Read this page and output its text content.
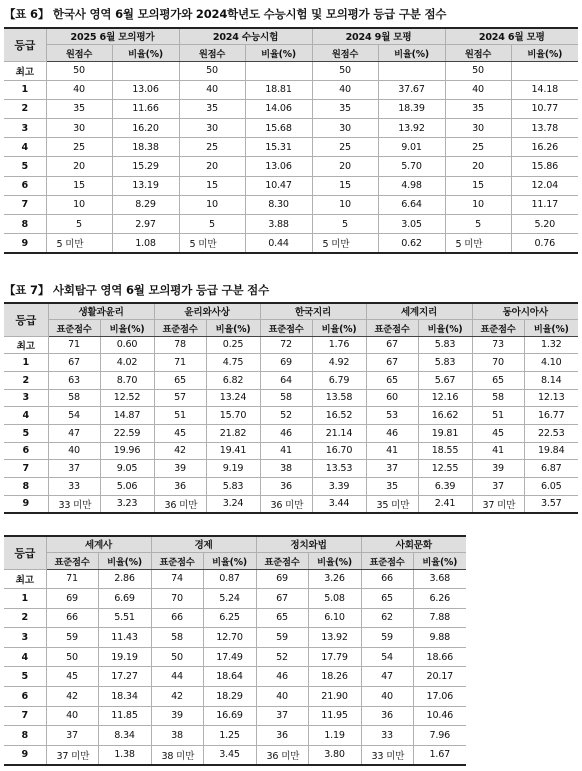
【표 6】 한국사 영역 6월 모의평가와 2024학년도 수능시험 및 모의평가 등급 구분 점수
등급	2025 6월 모의평가		2024 수능시험		2024 9월 모평		2024 6월 모평	
	원점수	비율(%)	원점수	비율(%)	원점수	비율(%)	원점수	비율(%)
최고	50		50		50		50	
1	40	13.06	40	18.81	40	37.67	40	14.18
2	35	11.66	35	14.06	35	18.39	35	10.77
3	30	16.20	30	15.68	30	13.92	30	13.78
4	25	18.38	25	15.31	25	9.01	25	16.26
5	20	15.29	20	13.06	20	5.70	20	15.86
6	15	13.19	15	10.47	15	4.98	15	12.04
7	10	8.29	10	8.30	10	6.64	10	11.17
8	5	2.97	5	3.88	5	3.05	5	5.20
9	5 미만	1.08	5 미만	0.44	5 미만	0.62	5 미만	0.76
【표 7】 사회탐구 영역 6월 모의평가 등급 구분 점수
등급	생활과윤리		윤리와사상		한국지리		세계지리		동아시아사	
	표준점수	비율(%)	표준점수	비율(%)	표준점수	비율(%)	표준점수	비율(%)	표준점수	비율(%)
최고	71	0.60	78	0.25	72	1.76	67	5.83	73	1.32
1	67	4.02	71	4.75	69	4.92	67	5.83	70	4.10
2	63	8.70	65	6.82	64	6.79	65	5.67	65	8.14
3	58	12.52	57	13.24	58	13.58	60	12.16	58	12.13
4	54	14.87	51	15.70	52	16.52	53	16.62	51	16.77
5	47	22.59	45	21.82	46	21.14	46	19.81	45	22.53
6	40	19.96	42	19.41	41	16.70	41	18.55	41	19.84
7	37	9.05	39	9.19	38	13.53	37	12.55	39	6.87
8	33	5.06	36	5.83	36	3.39	35	6.39	37	6.05
9	33 미만	3.23	36 미만	3.24	36 미만	3.44	35 미만	2.41	37 미만	3.57
등급	세계사		경제		정치와법		사회문화	
	표준점수	비율(%)	표준점수	비율(%)	표준점수	비율(%)	표준점수	비율(%)
최고	71	2.86	74	0.87	69	3.26	66	3.68
1	69	6.69	70	5.24	67	5.08	65	6.26
2	66	5.51	66	6.25	65	6.10	62	7.88
3	59	11.43	58	12.70	59	13.92	59	9.88
4	50	19.19	50	17.49	52	17.79	54	18.66
5	45	17.27	44	18.64	46	18.26	47	20.17
6	42	18.34	42	18.29	40	21.90	40	17.06
7	40	11.85	39	16.69	37	11.95	36	10.46
8	37	8.34	38	1.25	36	1.19	33	7.96
9	37 미만	1.38	38 미만	3.45	36 미만	3.80	33 미만	1.67
